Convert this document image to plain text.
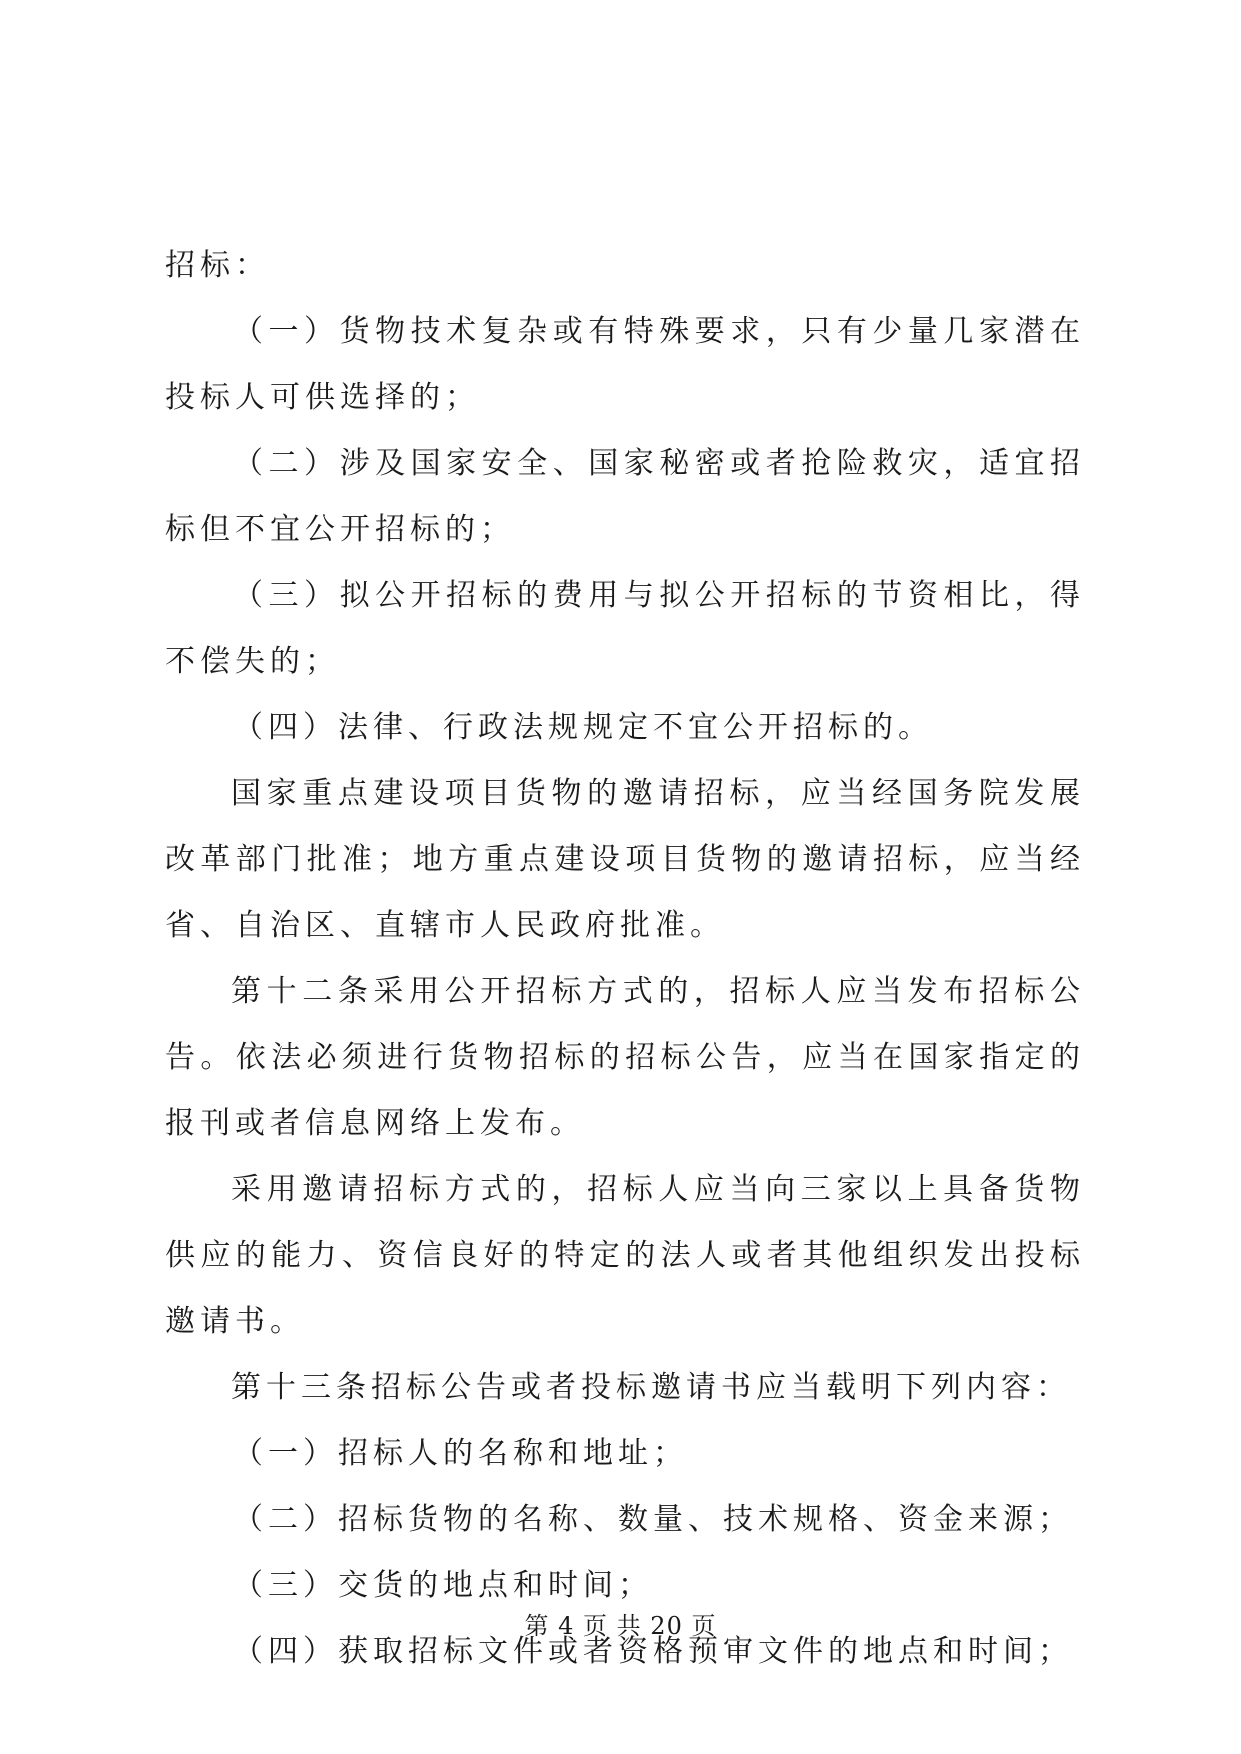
招标：

（一）货物技术复杂或有特殊要求，只有少量几家潜在投标人可供选择的；

（二）涉及国家安全、国家秘密或者抢险救灾，适宜招标但不宜公开招标的；

（三）拟公开招标的费用与拟公开招标的节资相比，得不偿失的；

（四）法律、行政法规规定不宜公开招标的。

国家重点建设项目货物的邀请招标，应当经国务院发展改革部门批准；地方重点建设项目货物的邀请招标，应当经省、自治区、直辖市人民政府批准。

第十二条采用公开招标方式的，招标人应当发布招标公告。依法必须进行货物招标的招标公告，应当在国家指定的报刊或者信息网络上发布。

采用邀请招标方式的，招标人应当向三家以上具备货物供应的能力、资信良好的特定的法人或者其他组织发出投标邀请书。

第十三条招标公告或者投标邀请书应当载明下列内容：

（一）招标人的名称和地址；

（二）招标货物的名称、数量、技术规格、资金来源；

（三）交货的地点和时间；

（四）获取招标文件或者资格预审文件的地点和时间；

第 4 页 共 20 页
